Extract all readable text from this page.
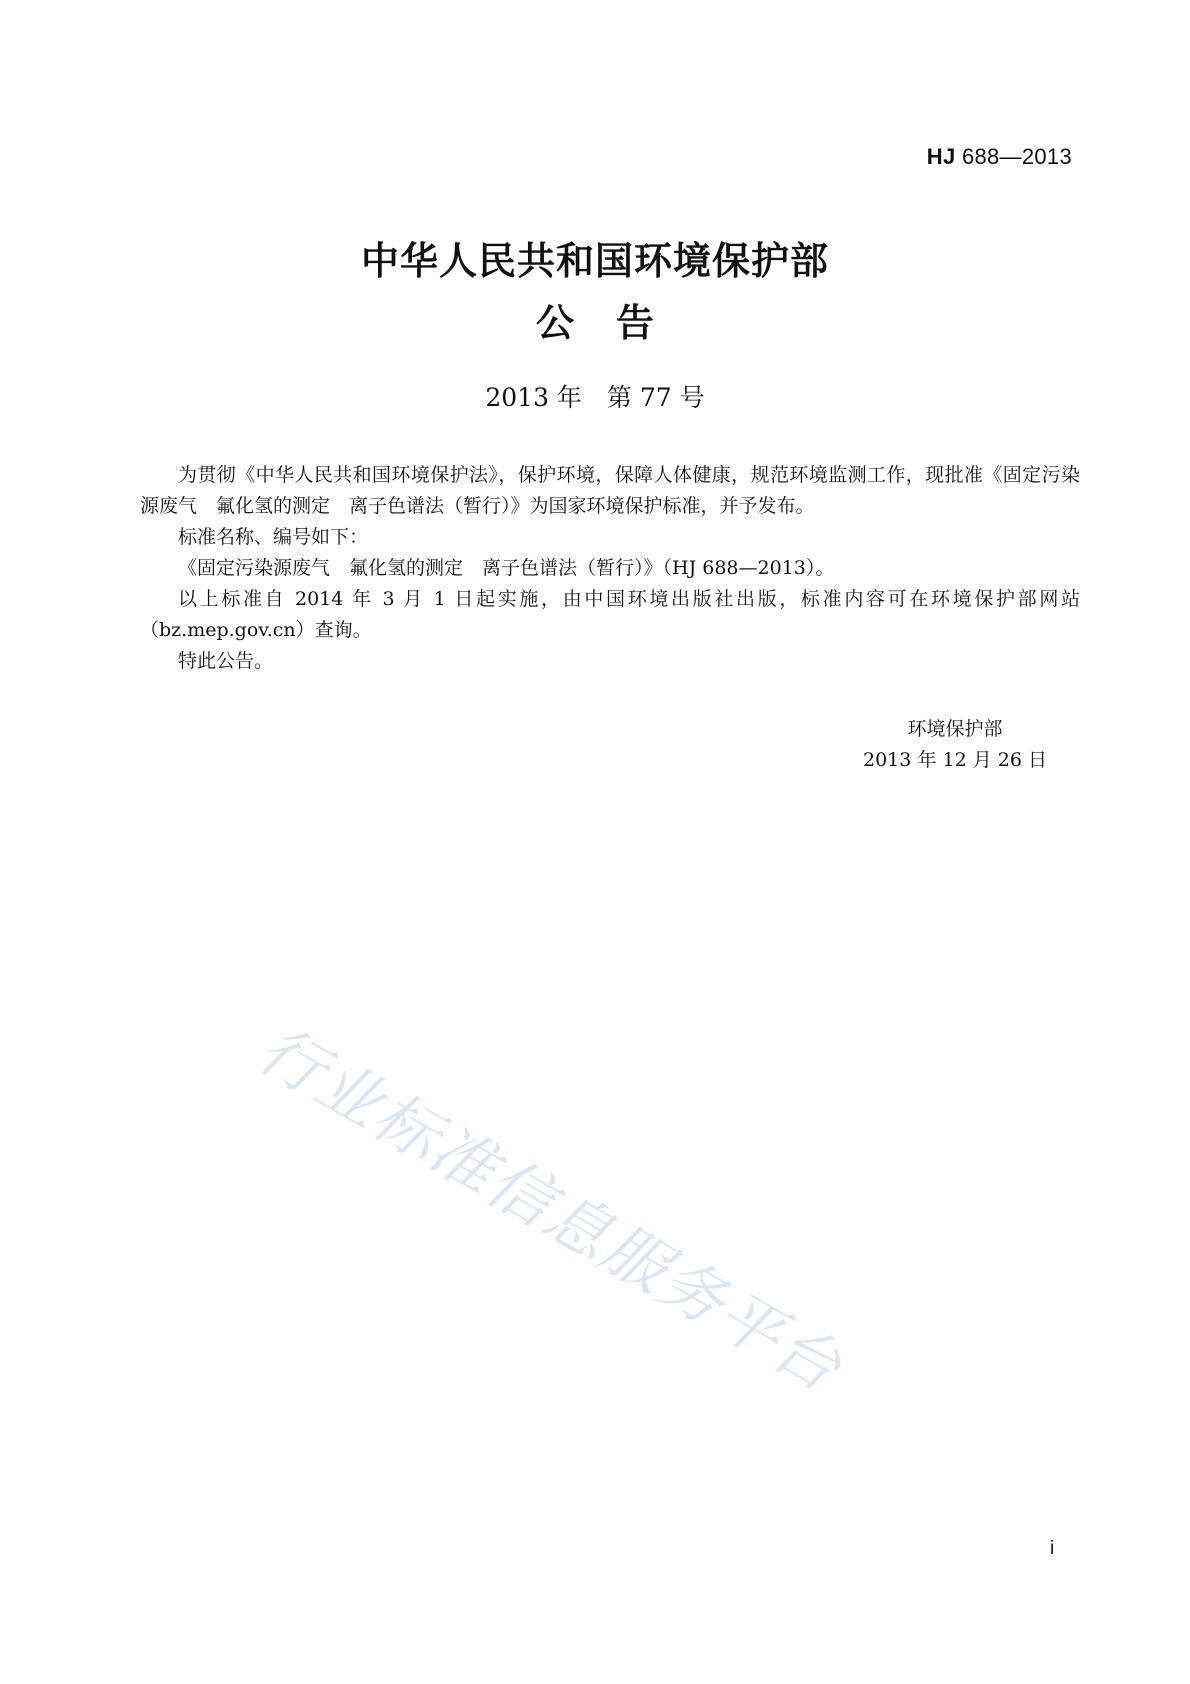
HJ 688—2013
中华人民共和国环境保护部
公告
2013 年　第 77 号

为贯彻《中华人民共和国环境保护法》，保护环境，保障人体健康，规范环境监测工作，现批准《固定污染源废气　氟化氢的测定　离子色谱法（暂行）》为国家环境保护标准，并予发布。

标准名称、编号如下：

《固定污染源废气　氟化氢的测定　离子色谱法（暂行）》（HJ 688—2013）。

以上标准自 2014 年 3 月 1 日起实施，由中国环境出版社出版，标准内容可在环境保护部网站（bz.mep.gov.cn）查询。

特此公告。

环境保护部
2013 年 12 月 26 日
行业标准信息服务平台
i
